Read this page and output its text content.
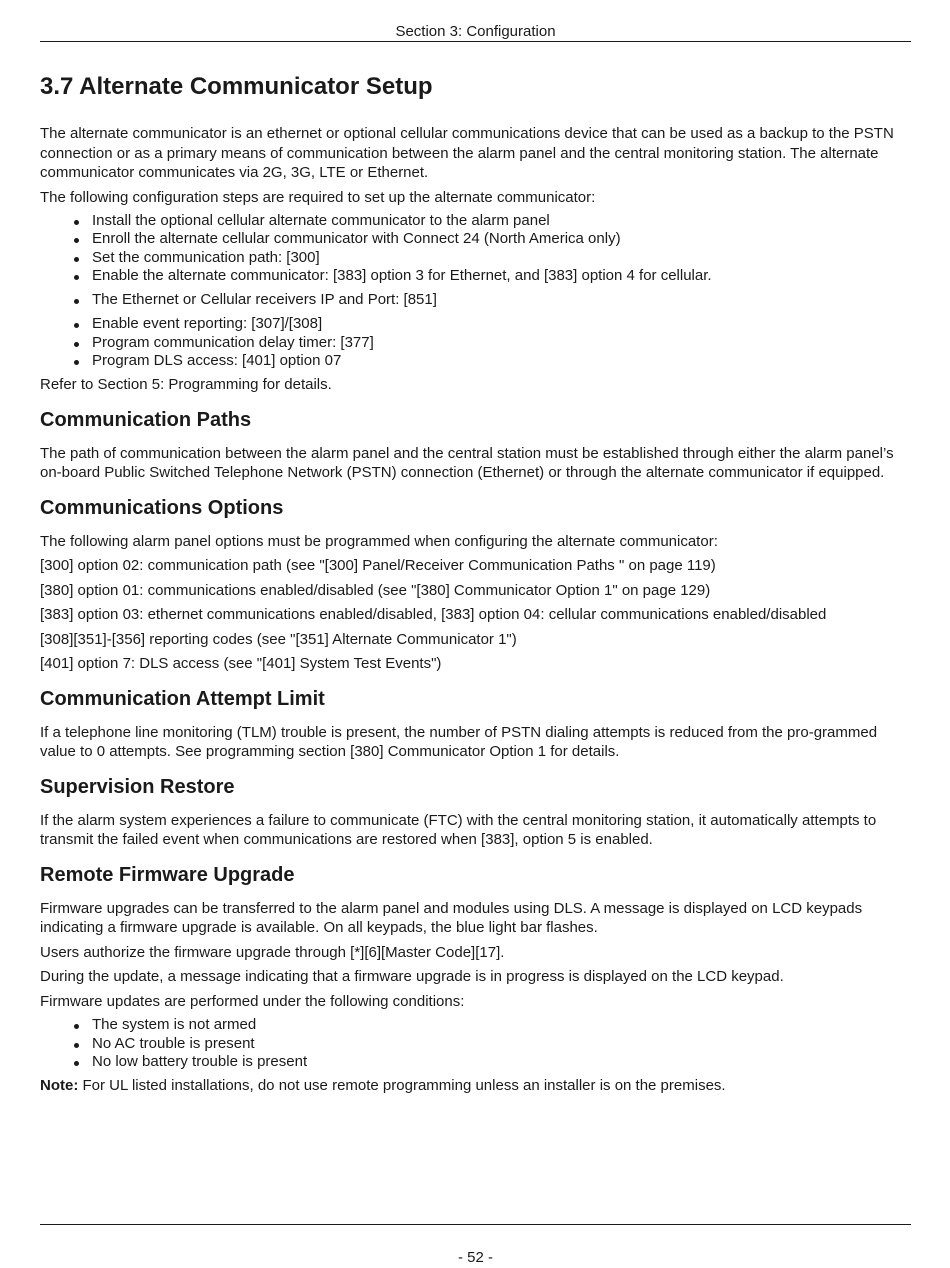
Section 3: Configuration
3.7 Alternate Communicator Setup

The alternate communicator is an ethernet or optional cellular communications device that can be used as a backup to the PSTN connection or as a primary means of communication between the alarm panel and the central monitoring station. The alternate communicator communicates via 2G, 3G, LTE or Ethernet.

The following configuration steps are required to set up the alternate communicator:

Install the optional cellular alternate communicator to the alarm panel
Enroll the alternate cellular communicator with Connect 24 (North America only)
Set the communication path: [300]
Enable the alternate communicator: [383] option 3 for Ethernet, and [383] option 4 for cellular.
The Ethernet or Cellular receivers IP and Port: [851]
Enable event reporting: [307]/[308]
Program communication delay timer: [377]
Program DLS access: [401] option 07

Refer to Section 5: Programming for details.

Communication Paths

The path of communication between the alarm panel and the central station must be established through either the alarm panel’s on-board Public Switched Telephone Network (PSTN) connection (Ethernet) or through the alternate communicator if equipped.

Communications Options

The following alarm panel options must be programmed when configuring the alternate communicator:

[300] option 02: communication path (see "[300] Panel/Receiver Communication Paths " on page 119)

[380] option 01: communications enabled/disabled (see "[380] Communicator Option 1" on page 129)

[383] option 03: ethernet communications enabled/disabled, [383] option 04: cellular communications enabled/disabled

[308][351]-[356] reporting codes (see "[351] Alternate Communicator 1")

[401] option 7: DLS access (see "[401] System Test Events")

Communication Attempt Limit

If a telephone line monitoring (TLM) trouble is present, the number of PSTN dialing attempts is reduced from the pro-grammed value to 0 attempts. See programming section [380] Communicator Option 1 for details.

Supervision Restore

If the alarm system experiences a failure to communicate (FTC) with the central monitoring station, it automatically attempts to transmit the failed event when communications are restored when [383], option 5 is enabled.

Remote Firmware Upgrade

Firmware upgrades can be transferred to the alarm panel and modules using DLS. A message is displayed on LCD keypads indicating a firmware upgrade is available. On all keypads, the blue light bar flashes.

Users authorize the firmware upgrade through [*][6][Master Code][17].

During the update, a message indicating that a firmware upgrade is in progress is displayed on the LCD keypad.

Firmware updates are performed under the following conditions:

The system is not armed
No AC trouble is present
No low battery trouble is present

Note: For UL listed installations, do not use remote programming unless an installer is on the premises.

- 52 -
